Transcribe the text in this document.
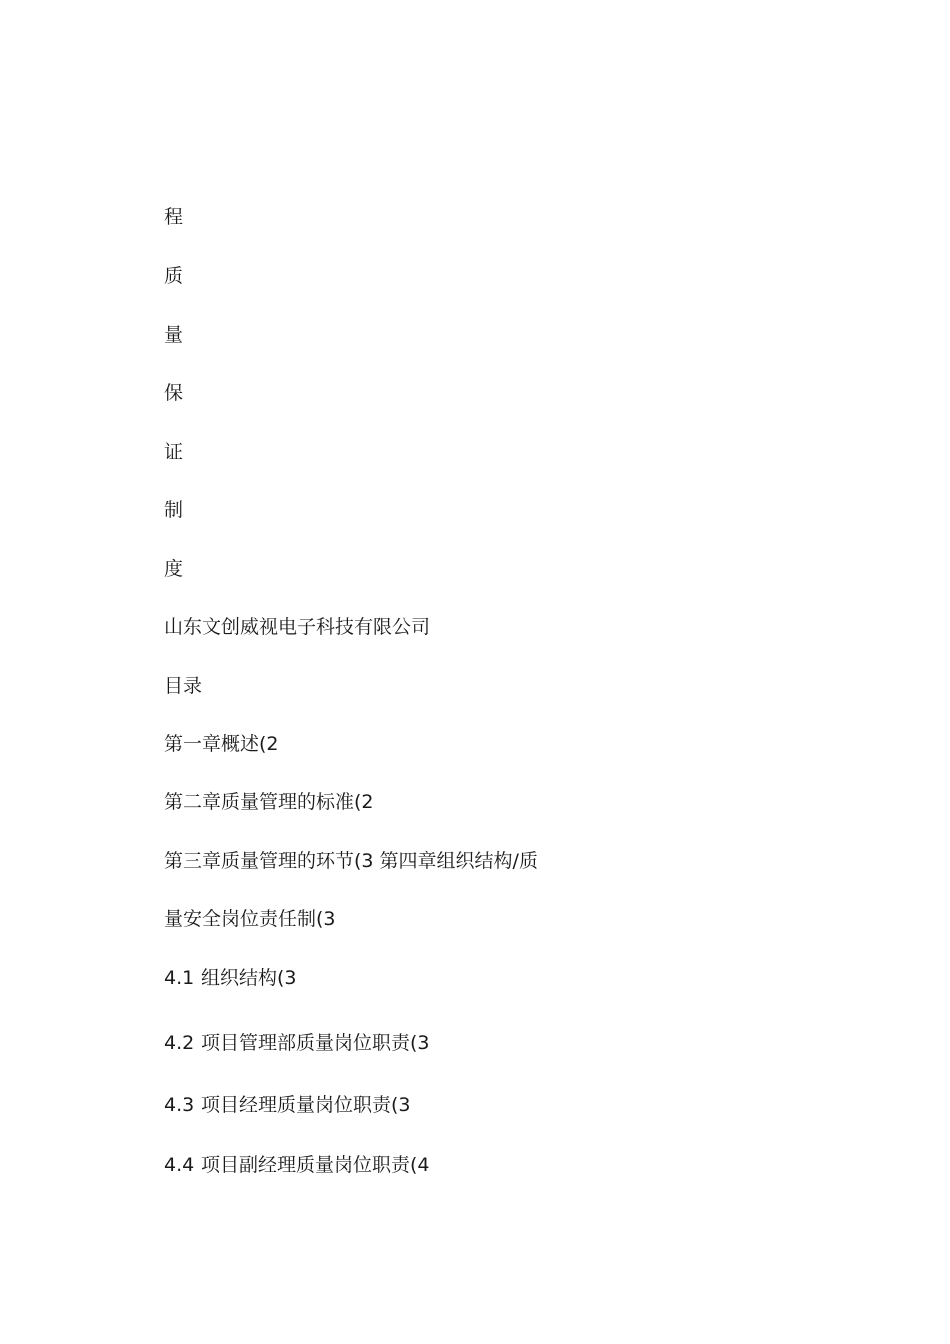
程
质
量
保
证
制
度
山东文创威视电子科技有限公司
目录
第一章概述(2
第二章质量管理的标准(2
第三章质量管理的环节(3 第四章组织结构/质
量安全岗位责任制(3
4.1 组织结构(3
4.2 项目管理部质量岗位职责(3
4.3 项目经理质量岗位职责(3
4.4 项目副经理质量岗位职责(4
